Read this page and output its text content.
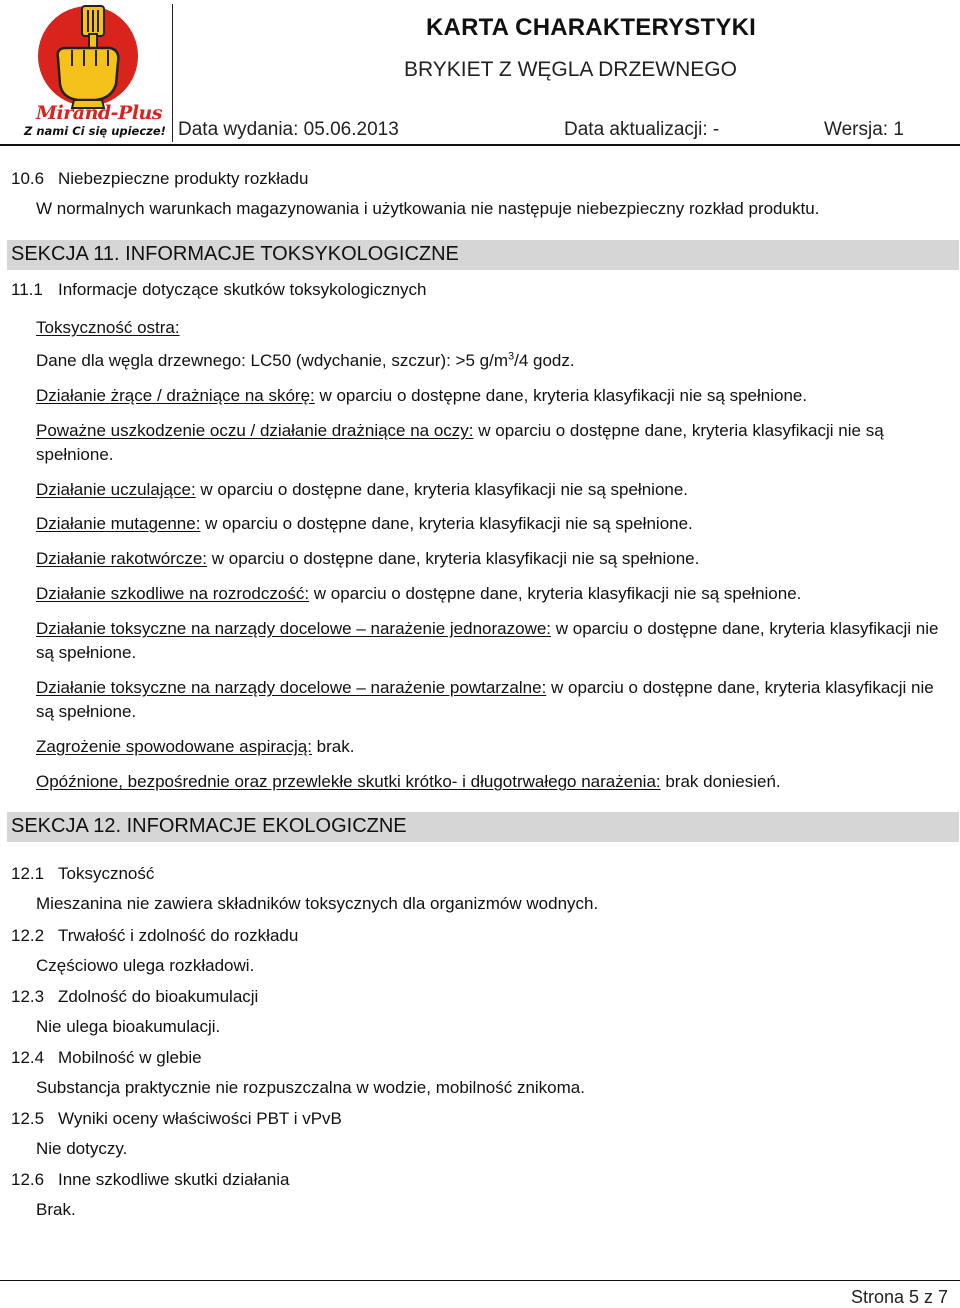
Mirand-Plus
Z nami Ci się upiecze!
KARTA CHARAKTERYSTYKI
BRYKIET Z WĘGLA DRZEWNEGO
Data wydania: 05.06.2013	Data aktualizacji: -	Wersja: 1
10.6 Niebezpieczne produkty rozkładu
W normalnych warunkach magazynowania i użytkowania nie następuje niebezpieczny rozkład produktu.
SEKCJA 11. INFORMACJE TOKSYKOLOGICZNE
11.1 Informacje dotyczące skutków toksykologicznych
Toksyczność ostra:
Dane dla węgla drzewnego: LC50 (wdychanie, szczur): >5 $g/m^3/4$ godz.
Działanie żrące / drażniące na skórę: w oparciu o dostępne dane, kryteria klasyfikacji nie są spełnione.
Poważne uszkodzenie oczu / działanie drażniące na oczy: w oparciu o dostępne dane, kryteria klasyfikacji nie są
spełnione.
Działanie uczulające: w oparciu o dostępne dane, kryteria klasyfikacji nie są spełnione.
Działanie mutagenne: w oparciu o dostępne dane, kryteria klasyfikacji nie są spełnione.
Działanie rakotwórcze: w oparciu o dostępne dane, kryteria klasyfikacji nie są spełnione.
Działanie szkodliwe na rozrodczość: w oparciu o dostępne dane, kryteria klasyfikacji nie są spełnione.
Działanie toksyczne na narządy docelowe – narażenie jednorazowe: w oparciu o dostępne dane, kryteria klasyfikacji nie
są spełnione.
Działanie toksyczne na narządy docelowe – narażenie powtarzalne: w oparciu o dostępne dane, kryteria klasyfikacji nie
są spełnione.
Zagrożenie spowodowane aspiracją: brak.
Opóźnione, bezpośrednie oraz przewlekłe skutki krótko- i długotrwałego narażenia: brak doniesień.
SEKCJA 12. INFORMACJE EKOLOGICZNE
12.1 Toksyczność
Mieszanina nie zawiera składników toksycznych dla organizmów wodnych.
12.2 Trwałość i zdolność do rozkładu
Częściowo ulega rozkładowi.
12.3 Zdolność do bioakumulacji
Nie ulega bioakumulacji.
12.4 Mobilność w glebie
Substancja praktycznie nie rozpuszczalna w wodzie, mobilność znikoma.
12.5 Wyniki oceny właściwości PBT i vPvB
Nie dotyczy.
12.6 Inne szkodliwe skutki działania
Brak.
Strona 5 z 7
